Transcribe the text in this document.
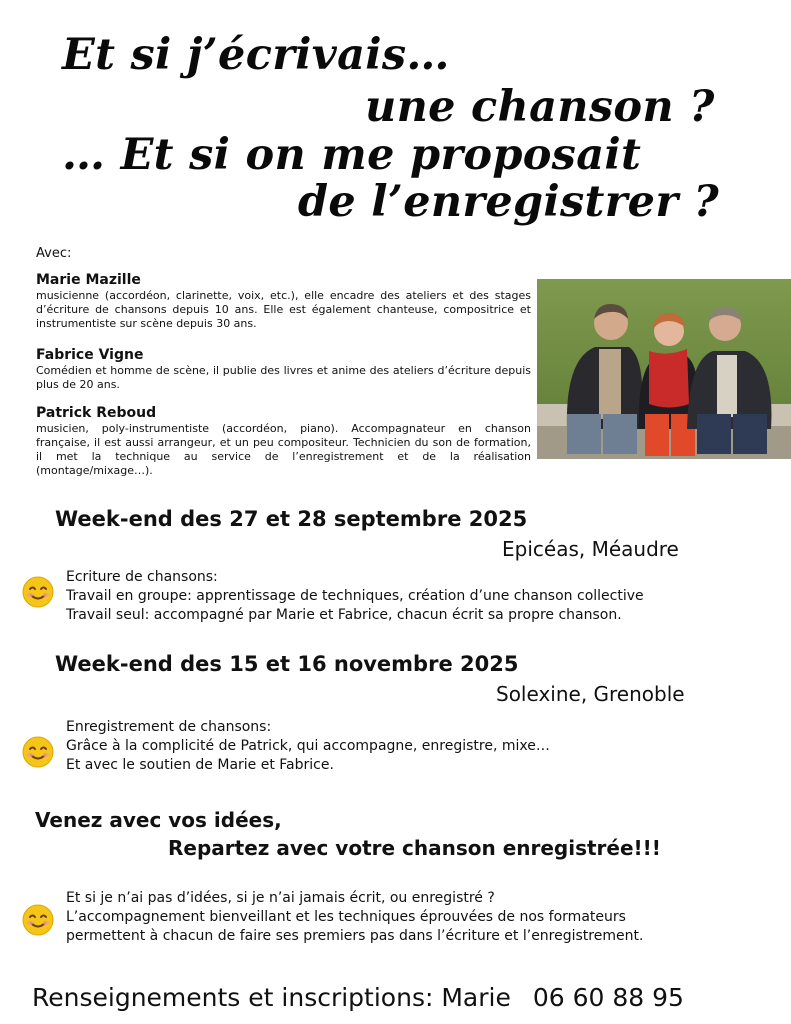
Et si j’écrivais…
une chanson ?
… Et si on me proposait
de l’enregistrer ?
Avec:
Marie Mazille
musicienne (accordéon, clarinette, voix, etc.), elle encadre des ateliers et des stages d’écriture de chansons depuis 10 ans. Elle est également chanteuse, compositrice et instrumentiste sur scène depuis 30 ans.
Fabrice Vigne
Comédien et homme de scène, il publie des livres et anime des ateliers d’écriture depuis plus de 20 ans.
Patrick Reboud
musicien, poly-instrumentiste (accordéon, piano). Accompagnateur en chanson française, il est aussi arrangeur, et un peu compositeur. Technicien du son de formation, il met la technique au service de l’enregistrement et de la réalisation (montage/mixage…).
Week-end des 27 et 28 septembre 2025
Epicéas, Méaudre
Ecriture de chansons:
Travail en groupe: apprentissage de techniques, création d’une chanson collective
Travail seul: accompagné par Marie et Fabrice, chacun écrit sa propre chanson.
Week-end des 15 et 16 novembre 2025
Solexine, Grenoble
Enregistrement de chansons:
Grâce à la complicité de Patrick, qui accompagne, enregistre, mixe…
Et avec le soutien de Marie et Fabrice.
Venez avec vos idées,
Repartez avec votre chanson enregistrée!!!
Et si je n’ai pas d’idées, si je n’ai jamais écrit, ou enregistré ?
L’accompagnement bienveillant et les techniques éprouvées de nos formateurs
permettent à chacun de faire ses premiers pas dans l’écriture et l’enregistrement.
Renseignements et inscriptions: Marie 06 60 88 95
